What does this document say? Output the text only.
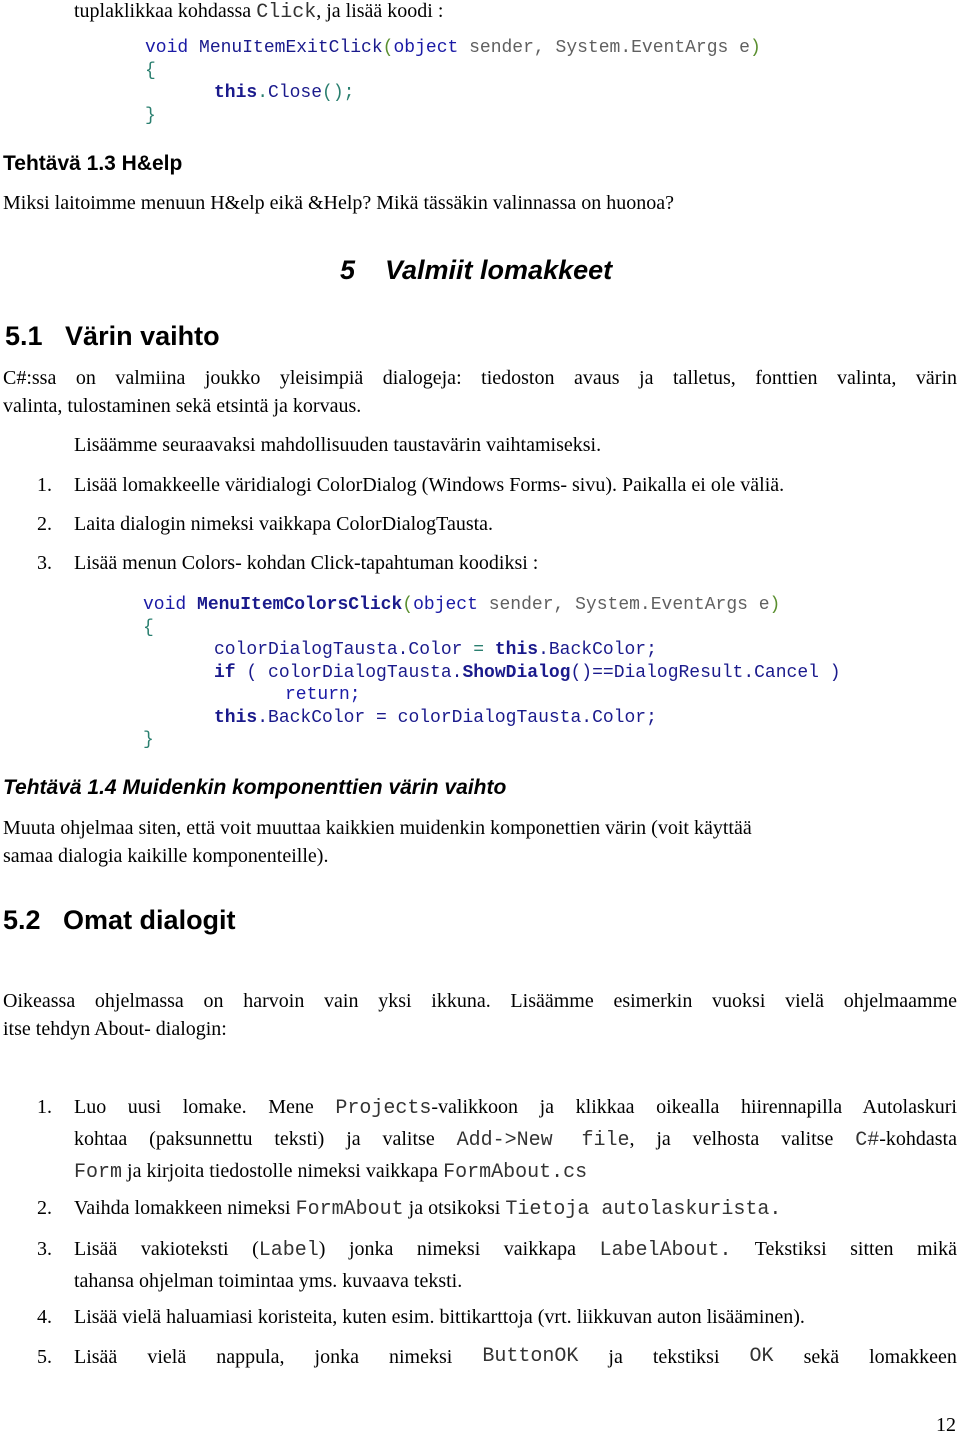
tuplaklikkaa kohdassa Click, ja lisää koodi :
void MenuItemExitClick(object sender, System.EventArgs e)
{
this.Close();
}
Tehtävä 1.3 H&elp
Miksi laitoimme menuun H&elp eikä &Help? Mikä tässäkin valinnassa on huonoa?
5    Valmiit lomakkeet
5.1   Värin vaihto
C#:ssa on valmiina joukko yleisimpiä dialogeja: tiedoston avaus ja talletus, fonttien valinta, värin
valinta, tulostaminen sekä etsintä ja korvaus.
Lisäämme seuraavaksi mahdollisuuden taustavärin vaihtamiseksi.
1. Lisää lomakkeelle väridialogi ColorDialog (Windows Forms- sivu). Paikalla ei ole väliä.
2. Laita dialogin nimeksi vaikkapa ColorDialogTausta.
3. Lisää menun Colors- kohdan Click-tapahtuman koodiksi :
void MenuItemColorsClick(object sender, System.EventArgs e)
{
colorDialogTausta.Color = this.BackColor;
if ( colorDialogTausta.ShowDialog()==DialogResult.Cancel )
return;
this.BackColor = colorDialogTausta.Color;
}
Tehtävä 1.4 Muidenkin komponenttien värin vaihto
Muuta ohjelmaa siten, että voit muuttaa kaikkien muidenkin komponettien värin (voit käyttää
samaa dialogia kaikille komponenteille).
5.2   Omat dialogit
Oikeassa ohjelmassa on harvoin vain yksi ikkuna. Lisäämme esimerkin vuoksi vielä ohjelmaamme
itse tehdyn About- dialogin:
1. Luo uusi lomake. Mene Projects-valikkoon ja klikkaa oikealla hiirennapilla Autolaskuri
kohtaa (paksunnettu teksti) ja valitse Add->New file, ja velhosta valitse C#-kohdasta
Form ja kirjoita tiedostolle nimeksi vaikkapa FormAbout.cs
2. Vaihda lomakkeen nimeksi FormAbout ja otsikoksi Tietoja autolaskurista.
3. Lisää vakioteksti (Label) jonka nimeksi vaikkapa LabelAbout. Tekstiksi sitten mikä
tahansa ohjelman toimintaa yms. kuvaava teksti.
4. Lisää vielä haluamiasi koristeita, kuten esim. bittikarttoja (vrt. liikkuvan auton lisääminen).
5. Lisää vielä nappula, jonka nimeksi ButtonOK ja tekstiksi OK sekä lomakkeen
12
